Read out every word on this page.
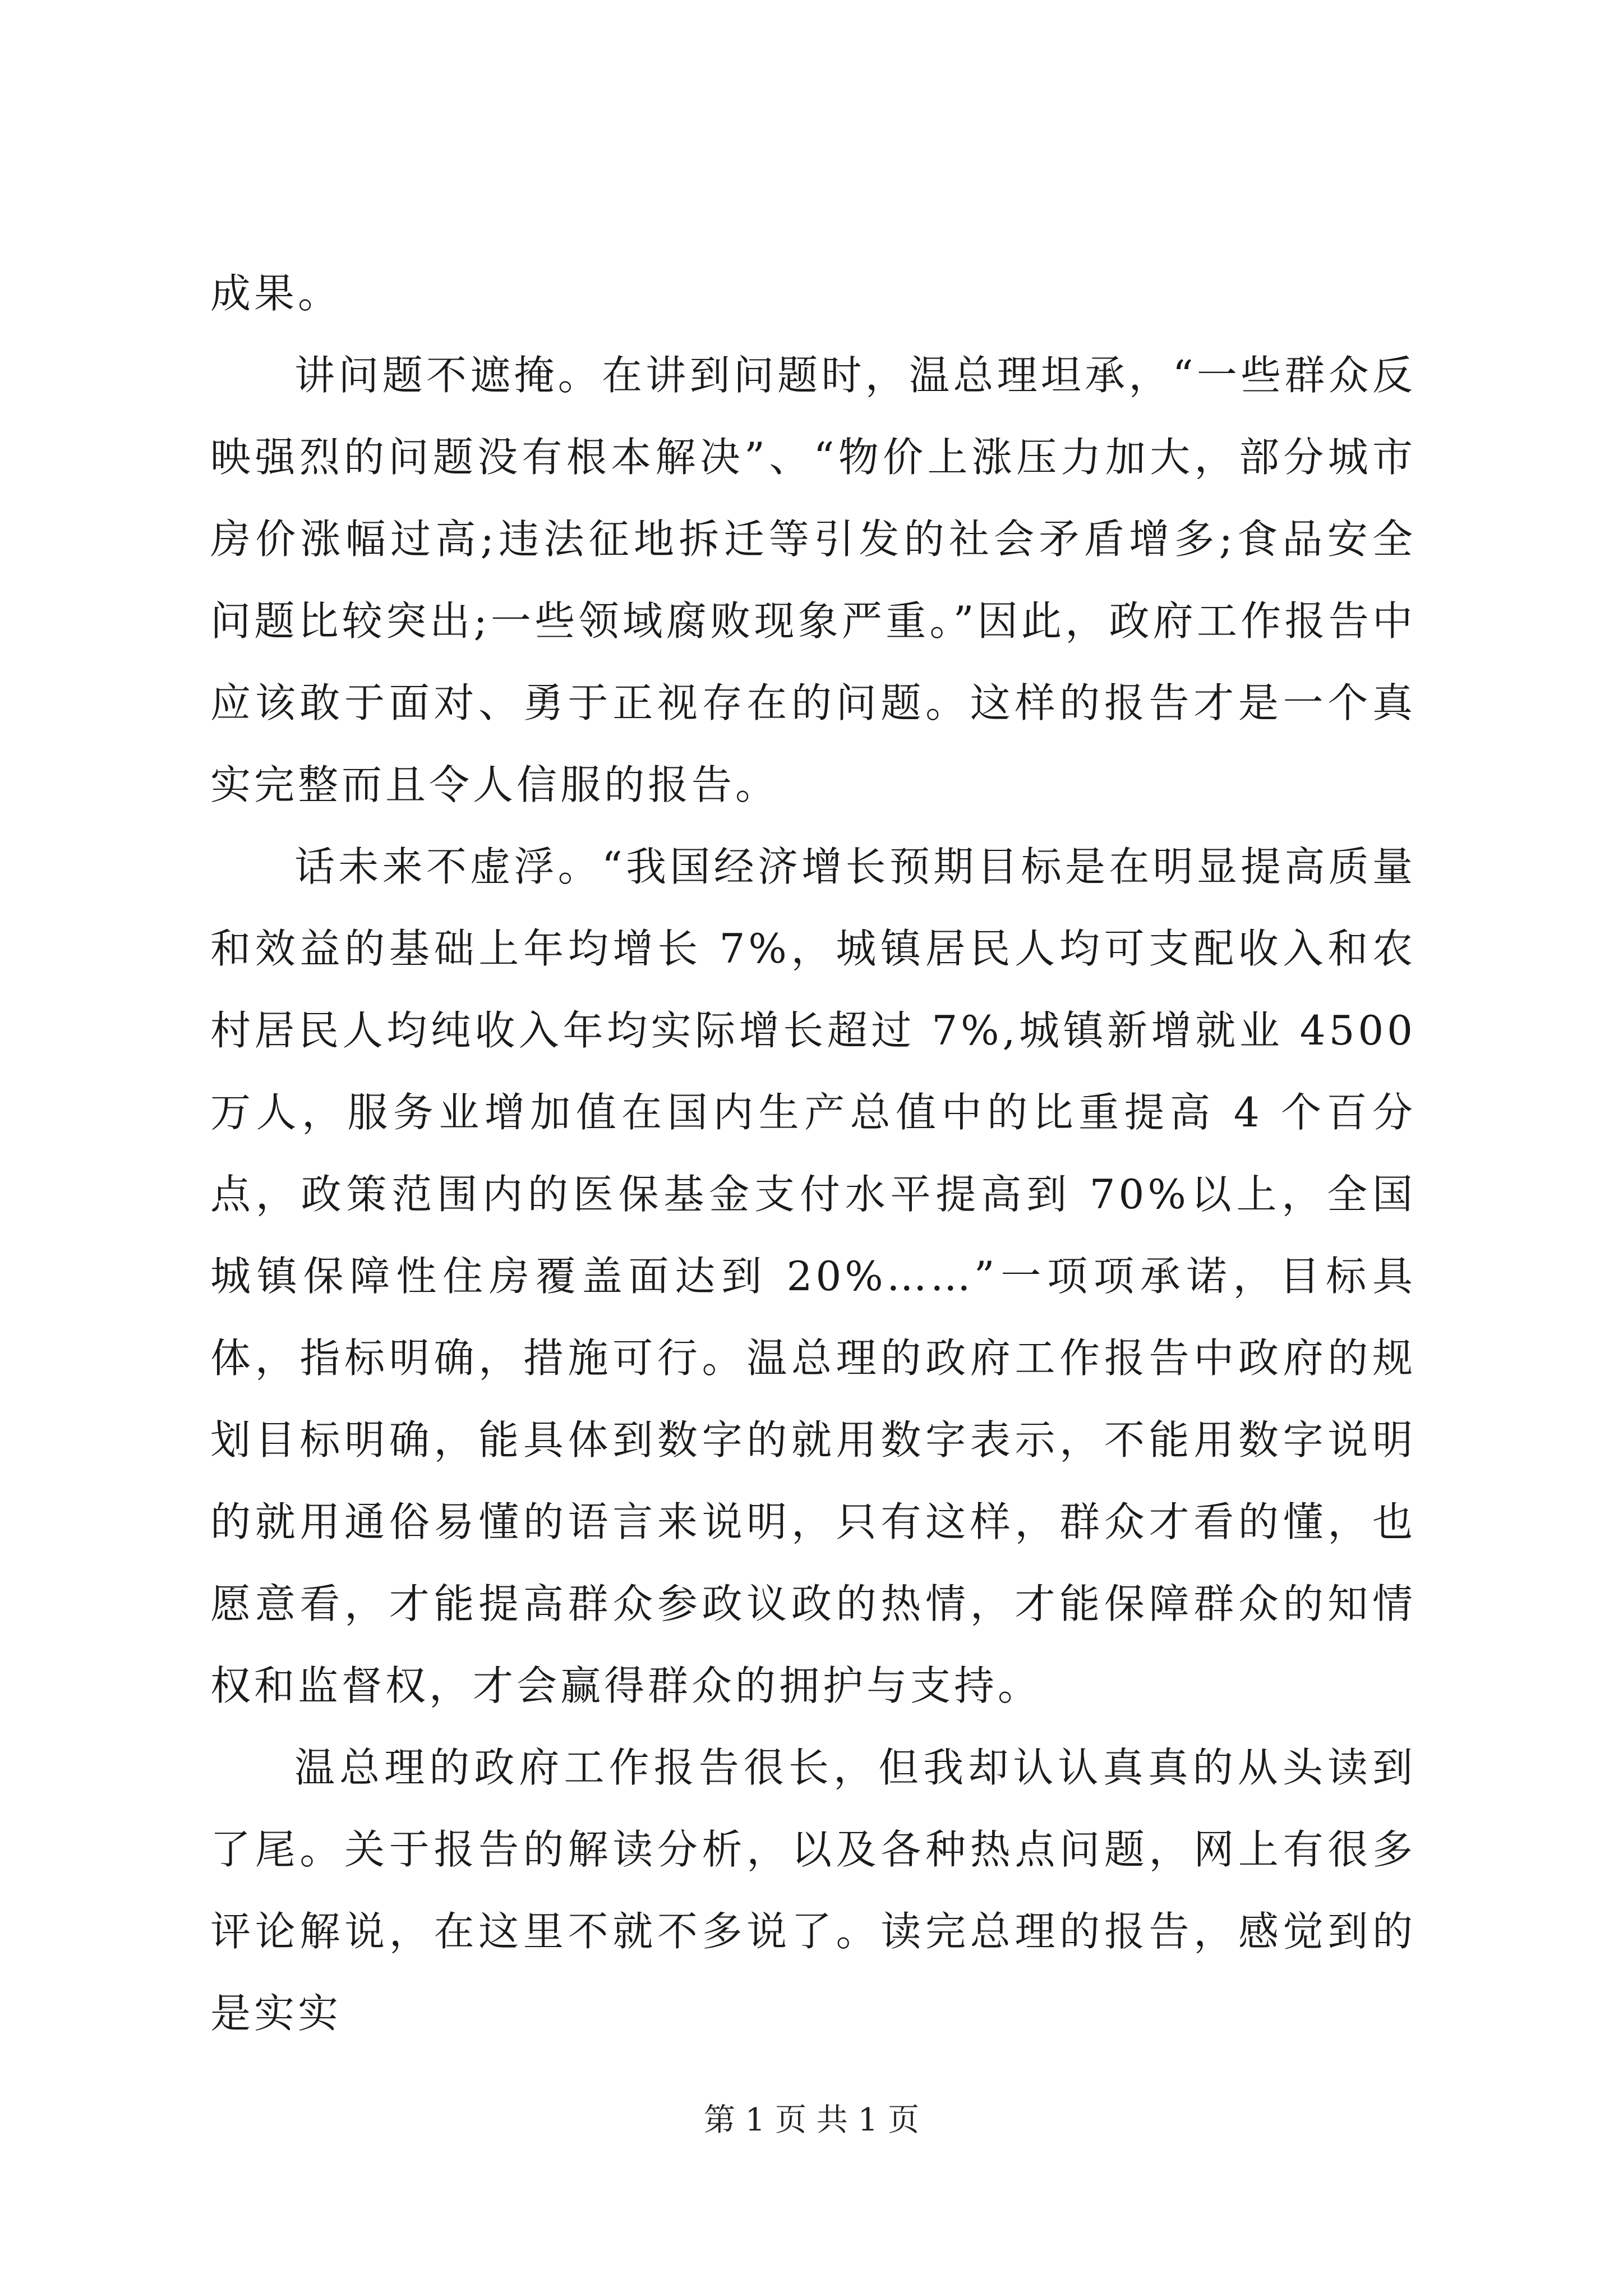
成果。

讲问题不遮掩。在讲到问题时，温总理坦承，“一些群众反映强烈的问题没有根本解决”、“物价上涨压力加大，部分城市房价涨幅过高;违法征地拆迁等引发的社会矛盾增多;食品安全问题比较突出;一些领域腐败现象严重。”因此，政府工作报告中应该敢于面对、勇于正视存在的问题。这样的报告才是一个真实完整而且令人信服的报告。

话未来不虚浮。“我国经济增长预期目标是在明显提高质量和效益的基础上年均增长 7%，城镇居民人均可支配收入和农村居民人均纯收入年均实际增长超过 7%,城镇新增就业 4500 万人，服务业增加值在国内生产总值中的比重提高 4 个百分点，政策范围内的医保基金支付水平提高到 70%以上，全国城镇保障性住房覆盖面达到 20%……”一项项承诺，目标具体，指标明确，措施可行。温总理的政府工作报告中政府的规划目标明确，能具体到数字的就用数字表示，不能用数字说明的就用通俗易懂的语言来说明，只有这样，群众才看的懂，也愿意看，才能提高群众参政议政的热情，才能保障群众的知情权和监督权，才会赢得群众的拥护与支持。

温总理的政府工作报告很长，但我却认认真真的从头读到了尾。关于报告的解读分析，以及各种热点问题，网上有很多评论解说，在这里不就不多说了。读完总理的报告，感觉到的是实实

第 1 页 共 1 页
